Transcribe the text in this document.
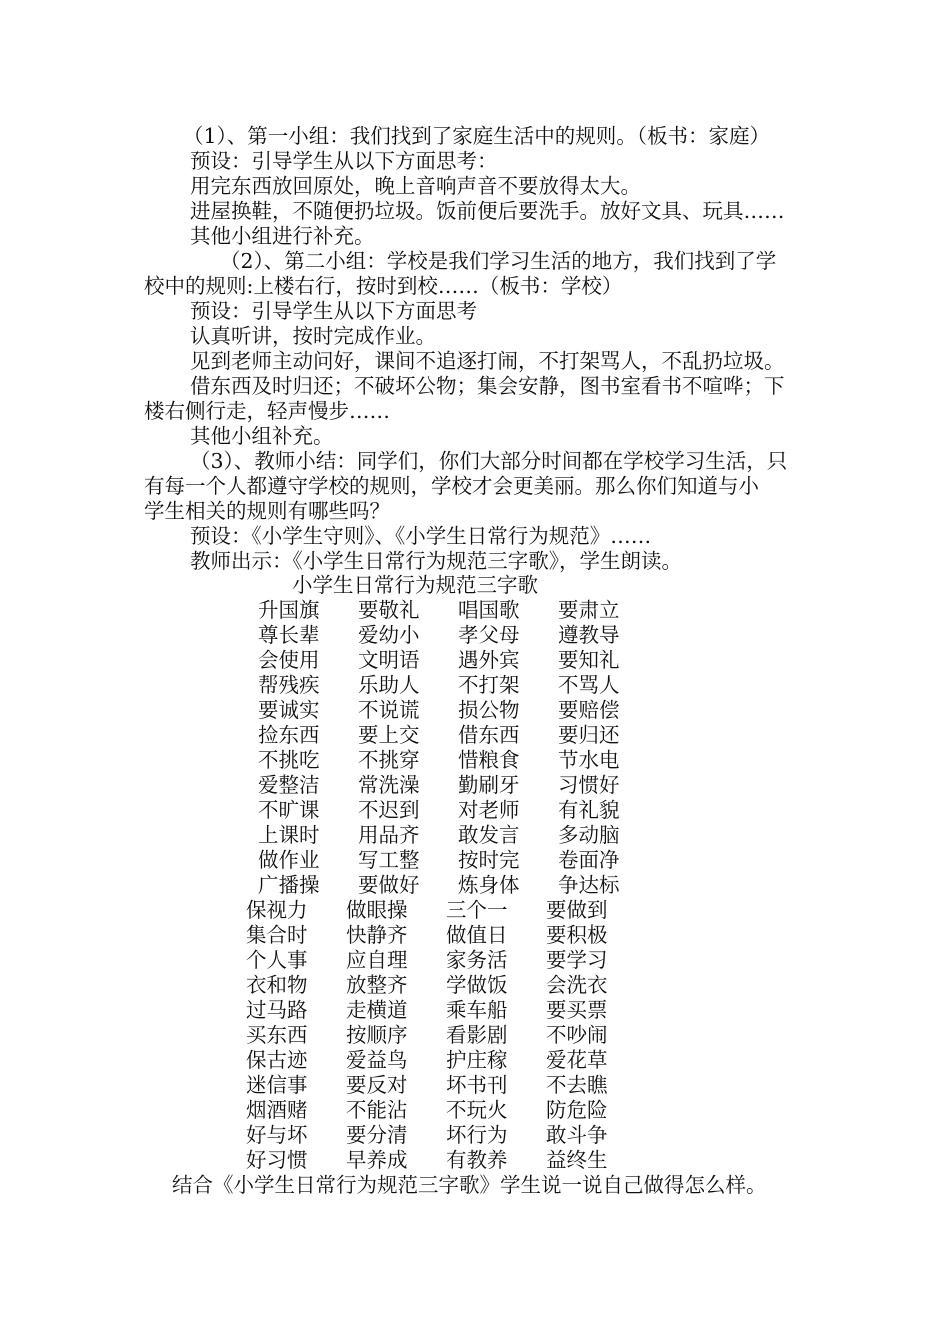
（1）、第一小组：我们找到了家庭生活中的规则。（板书：家庭）
预设：引导学生从以下方面思考：
用完东西放回原处，晚上音响声音不要放得太大。
进屋换鞋，不随便扔垃圾。饭前便后要洗手。放好文具、玩具……
其他小组进行补充。
（2）、第二小组：学校是我们学习生活的地方，我们找到了学
校中的规则:上楼右行，按时到校……（板书：学校）
预设：引导学生从以下方面思考
认真听讲，按时完成作业。
见到老师主动问好，课间不追逐打闹，不打架骂人，不乱扔垃圾。
借东西及时归还；不破坏公物；集会安静，图书室看书不喧哗；下
楼右侧行走，轻声慢步……
其他小组补充。
（3）、教师小结：同学们，你们大部分时间都在学校学习生活，只
有每一个人都遵守学校的规则，学校才会更美丽。那么你们知道与小
学生相关的规则有哪些吗？
预设：《小学生守则》、《小学生日常行为规范》……
教师出示：《小学生日常行为规范三字歌》，学生朗读。
小学生日常行为规范三字歌
升国旗	要敬礼	唱国歌	要肃立
尊长辈	爱幼小	孝父母	遵教导
会使用	文明语	遇外宾	要知礼
帮残疾	乐助人	不打架	不骂人
要诚实	不说谎	损公物	要赔偿
捡东西	要上交	借东西	要归还
不挑吃	不挑穿	惜粮食	节水电
爱整洁	常洗澡	勤刷牙	习惯好
不旷课	不迟到	对老师	有礼貌
上课时	用品齐	敢发言	多动脑
做作业	写工整	按时完	卷面净
广播操	要做好	炼身体	争达标
保视力	做眼操	三个一	要做到
集合时	快静齐	做值日	要积极
个人事	应自理	家务活	要学习
衣和物	放整齐	学做饭	会洗衣
过马路	走横道	乘车船	要买票
买东西	按顺序	看影剧	不吵闹
保古迹	爱益鸟	护庄稼	爱花草
迷信事	要反对	坏书刊	不去瞧
烟酒赌	不能沾	不玩火	防危险
好与坏	要分清	坏行为	敢斗争
好习惯	早养成	有教养	益终生
结合《小学生日常行为规范三字歌》学生说一说自己做得怎么样。
